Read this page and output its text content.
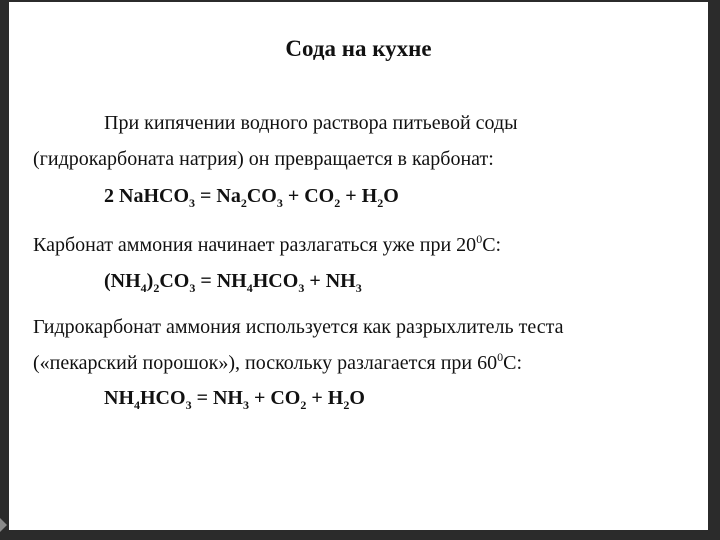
Сода на кухне
При кипячении водного раствора питьевой соды
(гидрокарбоната натрия) он превращается в карбонат:
2 NaHCO$_3$ = $Na_2CO_3 + CO_2 + H_2O$
Карбонат аммония начинает разлагаться уже при $20^0С$:
$(NH_4)_2CO_3 = NH_4HCO_3 + NH_3$
Гидрокарбонат аммония используется как разрыхлитель теста
(«пекарский порошок»), поскольку разлагается при $60^0С$:
$NH_4HCO_3 = NH_3 + CO_2 + H_2O$
